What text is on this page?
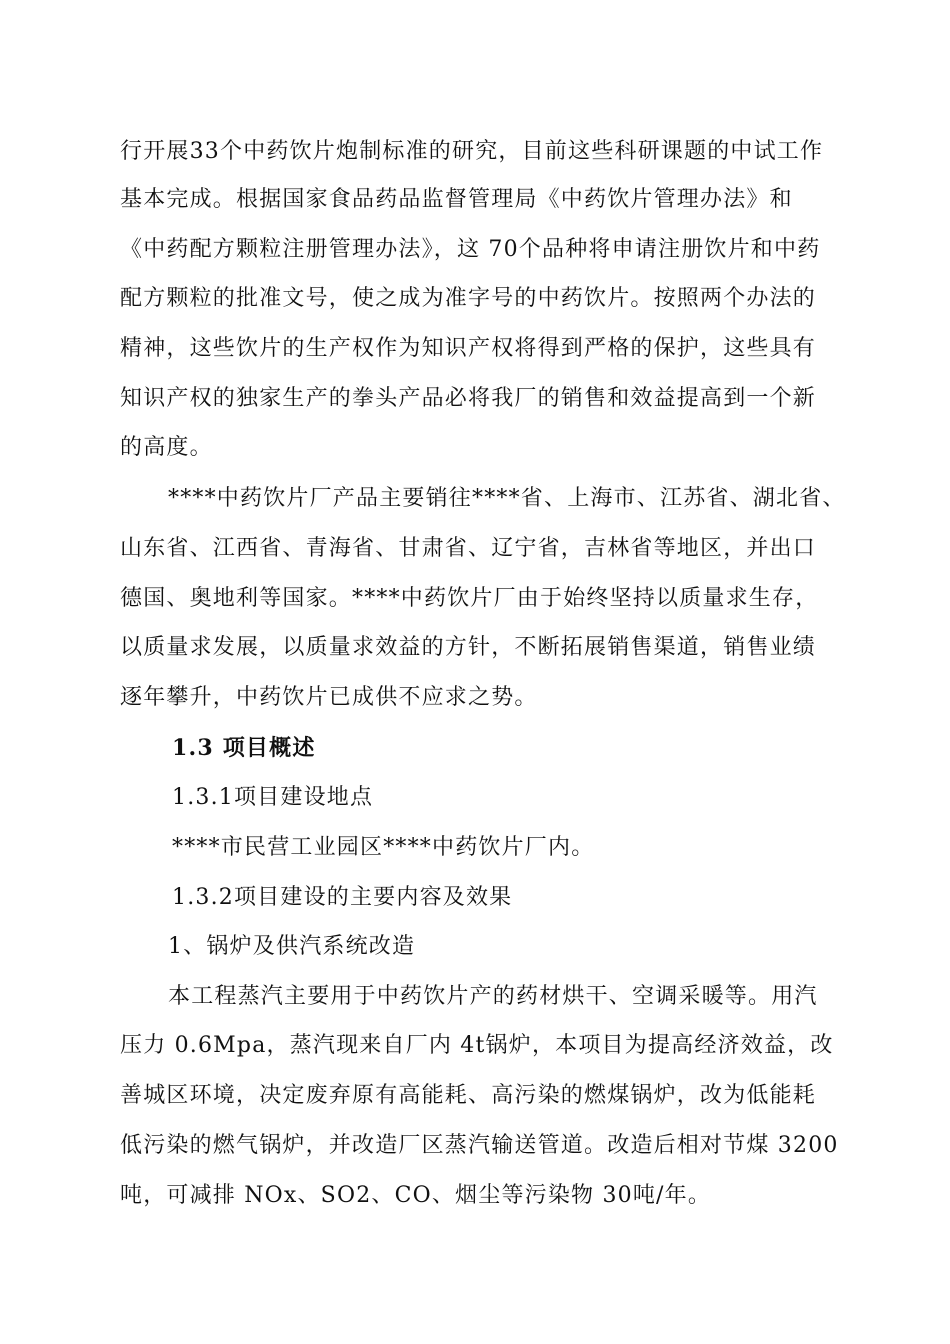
行开展33个中药饮片炮制标准的研究，目前这些科研课题的中试工作
基本完成。根据国家食品药品监督管理局《中药饮片管理办法》和
《中药配方颗粒注册管理办法》，这 70个品种将申请注册饮片和中药
配方颗粒的批准文号，使之成为准字号的中药饮片。按照两个办法的
精神，这些饮片的生产权作为知识产权将得到严格的保护，这些具有
知识产权的独家生产的拳头产品必将我厂的销售和效益提高到一个新
的高度。
****中药饮片厂产品主要销往****省、上海市、江苏省、湖北省、
山东省、江西省、青海省、甘肃省、辽宁省，吉林省等地区，并出口
德国、奥地利等国家。****中药饮片厂由于始终坚持以质量求生存，
以质量求发展，以质量求效益的方针，不断拓展销售渠道，销售业绩
逐年攀升，中药饮片已成供不应求之势。
1.3 项目概述
1.3.1项目建设地点
****市民营工业园区****中药饮片厂内。
1.3.2项目建设的主要内容及效果
1、锅炉及供汽系统改造
本工程蒸汽主要用于中药饮片产的药材烘干、空调采暖等。用汽
压力 0.6Mpa，蒸汽现来自厂内 4t锅炉，本项目为提高经济效益，改
善城区环境，决定废弃原有高能耗、高污染的燃煤锅炉，改为低能耗
低污染的燃气锅炉，并改造厂区蒸汽输送管道。改造后相对节煤 3200
吨，可减排 NOx、SO2、CO、烟尘等污染物 30吨/年。
